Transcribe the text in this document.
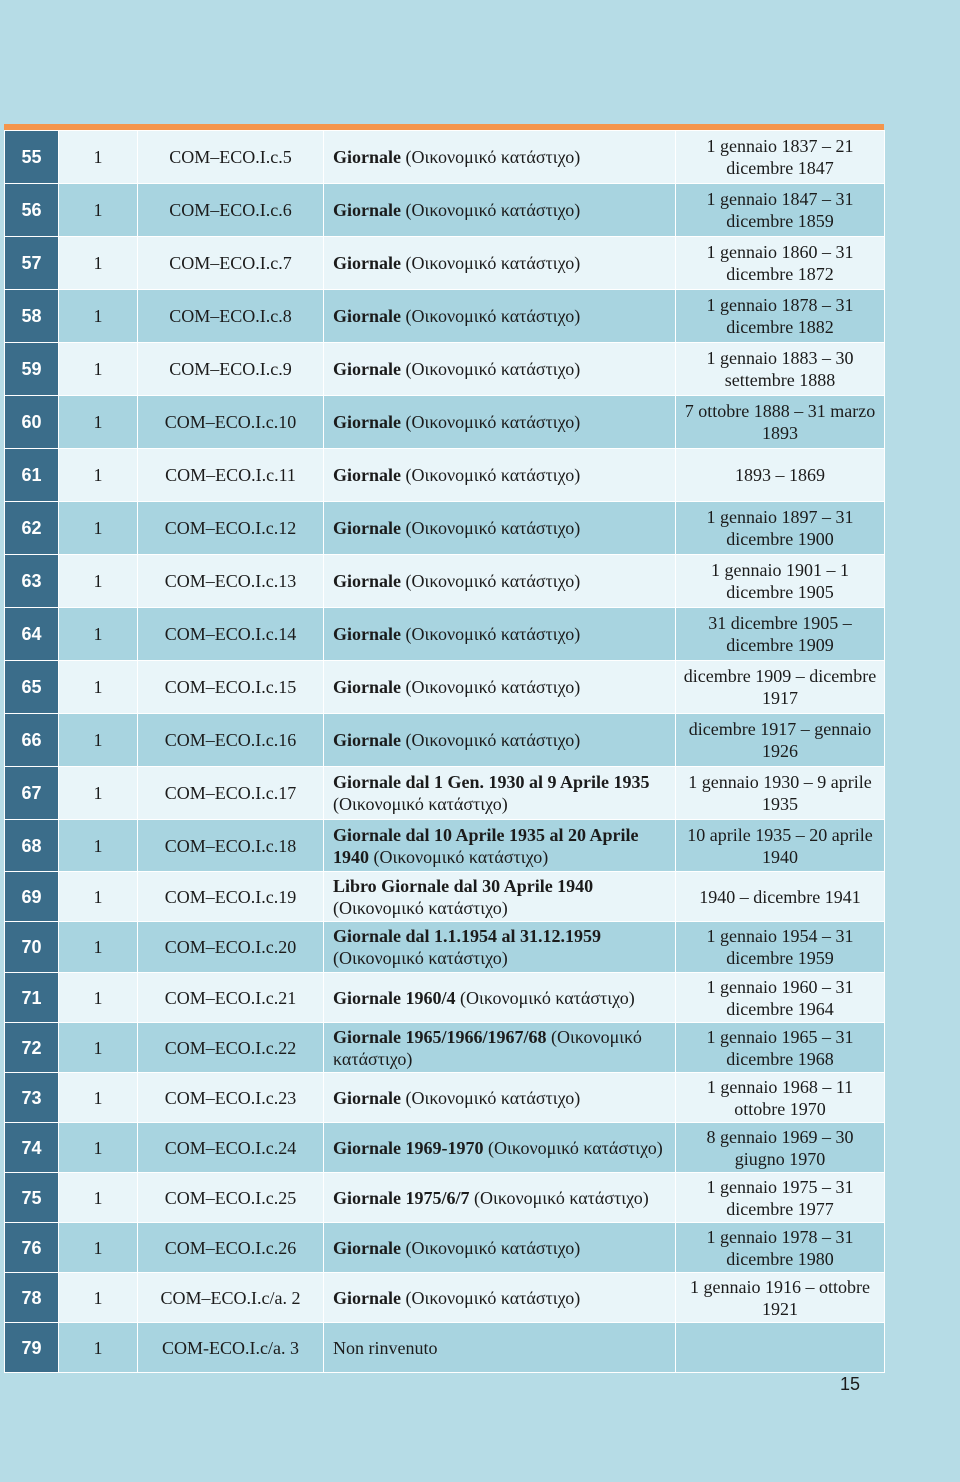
55	1	COM–ECO.I.c.5	Giornale (Οικονομικό κατάστιχο)	1 gennaio 1837 – 21 dicembre 1847
56	1	COM–ECO.I.c.6	Giornale (Οικονομικό κατάστιχο)	1 gennaio 1847 – 31 dicembre 1859
57	1	COM–ECO.I.c.7	Giornale (Οικονομικό κατάστιχο)	1 gennaio 1860 – 31 dicembre 1872
58	1	COM–ECO.I.c.8	Giornale (Οικονομικό κατάστιχο)	1 gennaio 1878 – 31 dicembre 1882
59	1	COM–ECO.I.c.9	Giornale (Οικονομικό κατάστιχο)	1 gennaio 1883 – 30 settembre 1888
60	1	COM–ECO.I.c.10	Giornale (Οικονομικό κατάστιχο)	7 ottobre 1888 – 31 marzo 1893
61	1	COM–ECO.I.c.11	Giornale (Οικονομικό κατάστιχο)	1893 – 1869
62	1	COM–ECO.I.c.12	Giornale (Οικονομικό κατάστιχο)	1 gennaio 1897 – 31 dicembre 1900
63	1	COM–ECO.I.c.13	Giornale (Οικονομικό κατάστιχο)	1 gennaio 1901 – 1 dicembre 1905
64	1	COM–ECO.I.c.14	Giornale (Οικονομικό κατάστιχο)	31 dicembre 1905 – dicembre 1909
65	1	COM–ECO.I.c.15	Giornale (Οικονομικό κατάστιχο)	dicembre 1909 – dicembre 1917
66	1	COM–ECO.I.c.16	Giornale (Οικονομικό κατάστιχο)	dicembre 1917 – gennaio 1926
67	1	COM–ECO.I.c.17	Giornale dal 1 Gen. 1930 al 9 Aprile 1935 (Οικονομικό κατάστιχο)	1 gennaio 1930 – 9 aprile 1935
68	1	COM–ECO.I.c.18	Giornale dal 10 Aprile 1935 al 20 Aprile 1940 (Οικονομικό κατάστιχο)	10 aprile 1935 – 20 aprile 1940
69	1	COM–ECO.I.c.19	Libro Giornale dal 30 Aprile 1940 (Οικονομικό κατάστιχο)	1940 – dicembre 1941
70	1	COM–ECO.I.c.20	Giornale dal 1.1.1954 al 31.12.1959 (Οικονομικό κατάστιχο)	1 gennaio 1954 – 31 dicembre 1959
71	1	COM–ECO.I.c.21	Giornale 1960/4 (Οικονομικό κατάστιχο)	1 gennaio 1960 – 31 dicembre 1964
72	1	COM–ECO.I.c.22	Giornale 1965/1966/1967/68 (Οικονομικό κατάστιχο)	1 gennaio 1965 – 31 dicembre 1968
73	1	COM–ECO.I.c.23	Giornale (Οικονομικό κατάστιχο)	1 gennaio 1968 – 11 ottobre 1970
74	1	COM–ECO.I.c.24	Giornale 1969-1970 (Οικονομικό κατάστιχο)	8 gennaio 1969 – 30 giugno 1970
75	1	COM–ECO.I.c.25	Giornale 1975/6/7 (Οικονομικό κατάστιχο)	1 gennaio 1975 – 31 dicembre 1977
76	1	COM–ECO.I.c.26	Giornale (Οικονομικό κατάστιχο)	1 gennaio 1978 – 31 dicembre 1980
78	1	COM–ECO.I.c/a. 2	Giornale (Οικονομικό κατάστιχο)	1 gennaio 1916 – ottobre 1921
79	1	COM-ECO.I.c/a. 3	Non rinvenuto	
15
